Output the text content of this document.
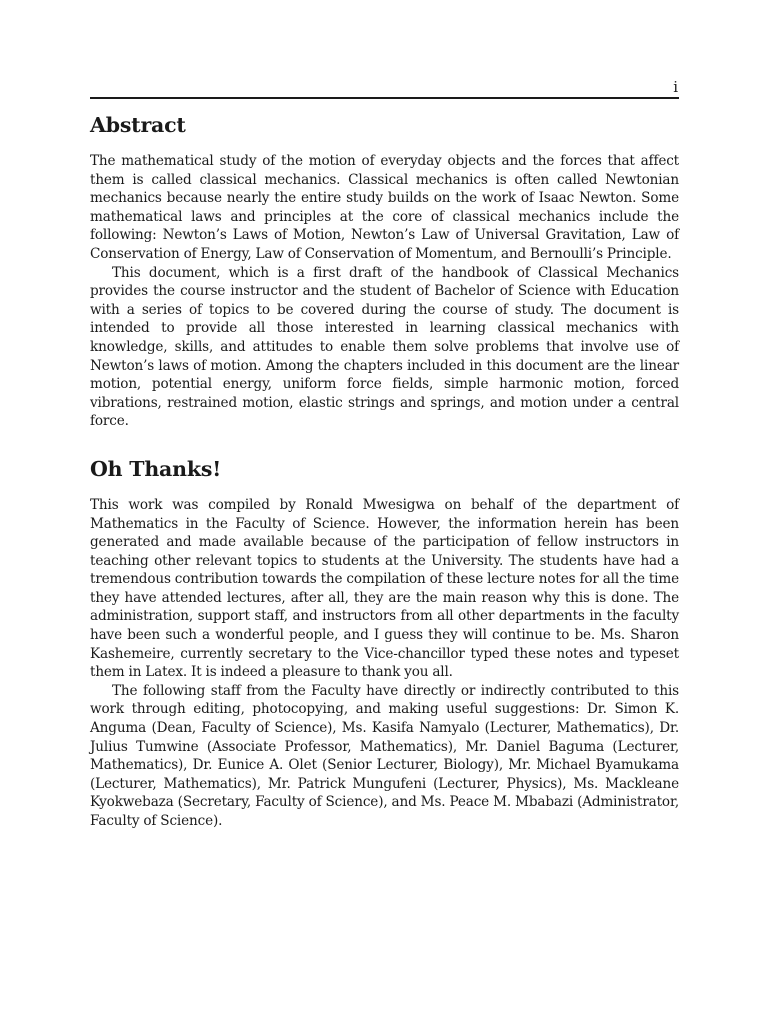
i
Abstract

The mathematical study of the motion of everyday objects and the forces that affect them is called classical mechanics. Classical mechanics is often called Newtonian mechanics because nearly the entire study builds on the work of Isaac Newton. Some mathematical laws and principles at the core of classical mechanics include the following: Newton’s Laws of Motion, Newton’s Law of Universal Gravitation, Law of Conservation of Energy, Law of Conservation of Momentum, and Bernoulli’s Principle.

This document, which is a first draft of the handbook of Classical Mechanics provides the course instructor and the student of Bachelor of Science with Education with a series of topics to be covered during the course of study. The document is intended to provide all those interested in learning classical mechanics with knowledge, skills, and attitudes to enable them solve problems that involve use of Newton’s laws of motion. Among the chapters included in this document are the linear motion, potential energy, uniform force fields, simple harmonic motion, forced vibrations, restrained motion, elastic strings and springs, and motion under a central force.

Oh Thanks!

This work was compiled by Ronald Mwesigwa on behalf of the department of Mathematics in the Faculty of Science. However, the information herein has been generated and made available because of the participation of fellow instructors in teaching other relevant topics to students at the University. The students have had a tremendous contribution towards the compilation of these lecture notes for all the time they have attended lectures, after all, they are the main reason why this is done. The administration, support staff, and instructors from all other departments in the faculty have been such a wonderful people, and I guess they will continue to be. Ms. Sharon Kashemeire, currently secretary to the Vice-chancillor typed these notes and typeset them in Latex. It is indeed a pleasure to thank you all.

The following staff from the Faculty have directly or indirectly contributed to this work through editing, photocopying, and making useful suggestions: Dr. Simon K. Anguma (Dean, Faculty of Science), Ms. Kasifa Namyalo (Lecturer, Mathematics), Dr. Julius Tumwine (Associate Professor, Mathematics), Mr. Daniel Baguma (Lecturer, Mathematics), Dr. Eunice A. Olet (Senior Lecturer, Biology), Mr. Michael Byamukama (Lecturer, Mathematics), Mr. Patrick Mungufeni (Lecturer, Physics), Ms. Mackleane Kyokwebaza (Secretary, Faculty of Science), and Ms. Peace M. Mbabazi (Administrator, Faculty of Science).
